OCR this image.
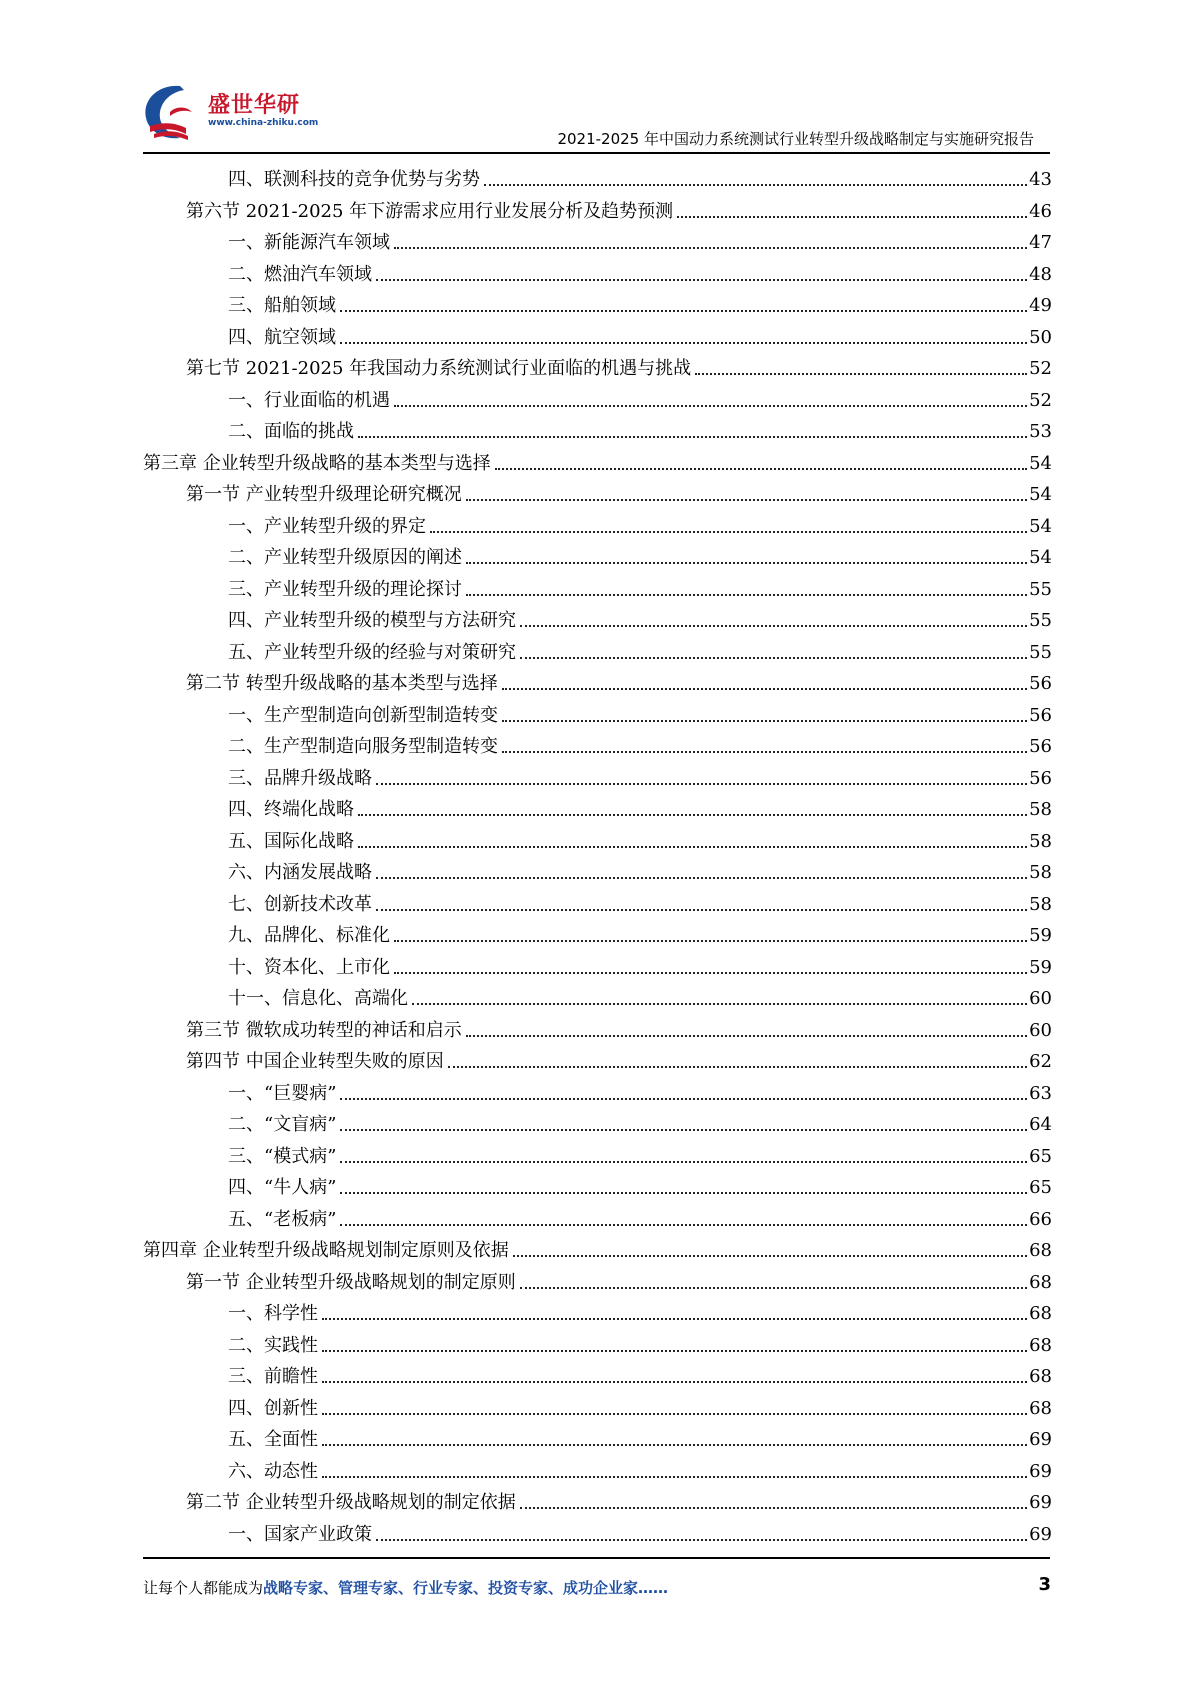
盛世华研
www.china-zhiku.com
2021-2025 年中国动力系统测试行业转型升级战略制定与实施研究报告
四、联测科技的竞争优势与劣势	43
第六节 2021-2025 年下游需求应用行业发展分析及趋势预测	46
一、新能源汽车领域	47
二、燃油汽车领域	48
三、船舶领域	49
四、航空领域	50
第七节 2021-2025 年我国动力系统测试行业面临的机遇与挑战	52
一、行业面临的机遇	52
二、面临的挑战	53
第三章 企业转型升级战略的基本类型与选择	54
第一节 产业转型升级理论研究概况	54
一、产业转型升级的界定	54
二、产业转型升级原因的阐述	54
三、产业转型升级的理论探讨	55
四、产业转型升级的模型与方法研究	55
五、产业转型升级的经验与对策研究	55
第二节 转型升级战略的基本类型与选择	56
一、生产型制造向创新型制造转变	56
二、生产型制造向服务型制造转变	56
三、品牌升级战略	56
四、终端化战略	58
五、国际化战略	58
六、内涵发展战略	58
七、创新技术改革	58
九、品牌化、标准化	59
十、资本化、上市化	59
十一、信息化、高端化	60
第三节 微软成功转型的神话和启示	60
第四节 中国企业转型失败的原因	62
一、“巨婴病”	63
二、“文盲病”	64
三、“模式病”	65
四、“牛人病”	65
五、“老板病”	66
第四章 企业转型升级战略规划制定原则及依据	68
第一节 企业转型升级战略规划的制定原则	68
一、科学性	68
二、实践性	68
三、前瞻性	68
四、创新性	68
五、全面性	69
六、动态性	69
第二节 企业转型升级战略规划的制定依据	69
一、国家产业政策	69
让每个人都能成为战略专家、管理专家、行业专家、投资专家、成功企业家……	3
